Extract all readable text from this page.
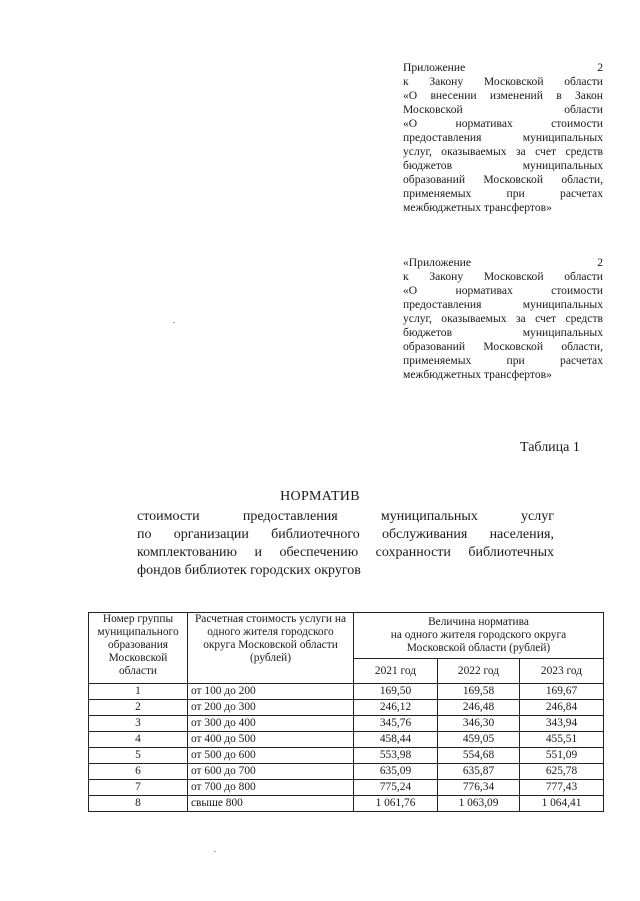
Приложение 2
к Закону Московской области
«О внесении изменений в Закон
Московской области
«О нормативах стоимости
предоставления муниципальных
услуг, оказываемых за счет средств
бюджетов муниципальных
образований Московской области,
применяемых при расчетах
межбюджетных трансфертов»
«Приложение 2
к Закону Московской области
«О нормативах стоимости
предоставления муниципальных
услуг, оказываемых за счет средств
бюджетов муниципальных
образований Московской области,
применяемых при расчетах
межбюджетных трансфертов»
Таблица 1
НОРМАТИВ
стоимости предоставления муниципальных услуг
по организации библиотечного обслуживания населения,
комплектованию и обеспечению сохранности библиотечных
фондов библиотек городских округов
Номер группы муниципального образования Московской области	Расчетная стоимость услуги на одного жителя городского округа Московской области (рублей)	Величина норматива
на одного жителя городского округа
Московской области (рублей)		

		2021 год	2022 год	2023 год
1	от 100 до 200	169,50	169,58	169,67
2	от 200 до 300	246,12	246,48	246,84
3	от 300 до 400	345,76	346,30	343,94
4	от 400 до 500	458,44	459,05	455,51
5	от 500 до 600	553,98	554,68	551,09
6	от 600 до 700	635,09	635,87	625,78
7	от 700 до 800	775,24	776,34	777,43
8	свыше 800	1 061,76	1 063,09	1 064,41
